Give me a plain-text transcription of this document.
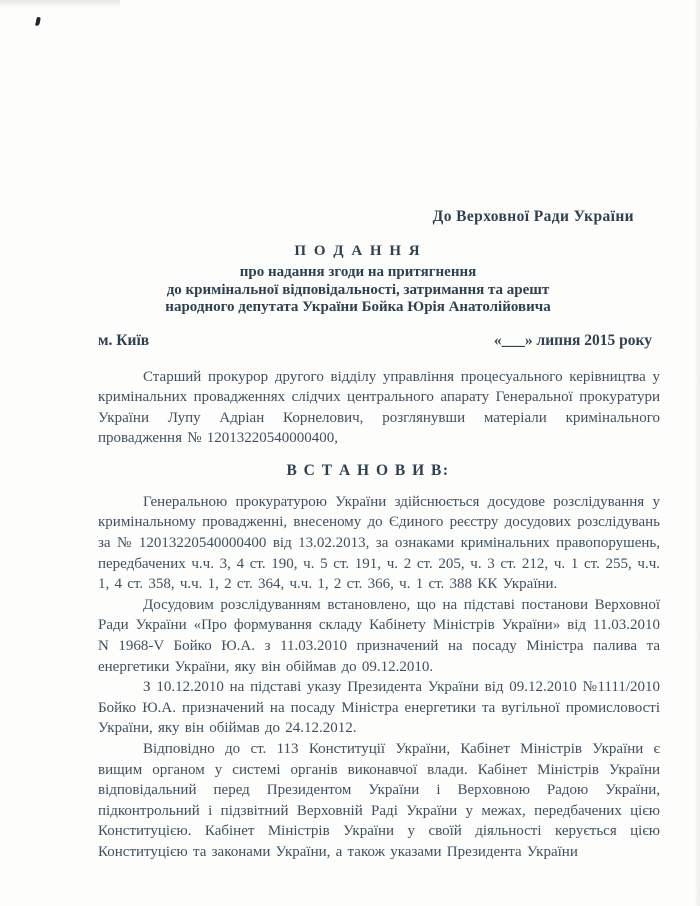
До Верховної Ради України
П О Д А Н Н Я
про надання згоди на притягнення
до кримінальної відповідальності, затримання та арешт
народного депутата України Бойка Юрія Анатолійовича
м. Київ	«___» липня 2015 року

Старший прокурор другого відділу управління процесуального керівництва у кримінальних провадженнях слідчих центрального апарату Генеральної прокуратури України Лупу Адріан Корнелович, розглянувши матеріали кримінального провадження № 12013220540000400,

В С Т А Н О В И В:

Генеральною прокуратурою України здійснюється досудове розслідування у кримінальному провадженні, внесеному до Єдиного реєстру досудових розслідувань за № 12013220540000400 від 13.02.2013, за ознаками кримінальних правопорушень, передбачених ч.ч. 3, 4 ст. 190, ч. 5 ст. 191, ч. 2 ст. 205, ч. 3 ст. 212, ч. 1 ст. 255, ч.ч. 1, 4 ст. 358, ч.ч. 1, 2 ст. 364, ч.ч. 1, 2 ст. 366, ч. 1 ст. 388 КК України.

Досудовим розслідуванням встановлено, що на підставі постанови Верховної Ради України «Про формування складу Кабінету Міністрів України» від 11.03.2010 N 1968-V Бойко Ю.А. з 11.03.2010 призначений на посаду Міністра палива та енергетики України, яку він обіймав до 09.12.2010.

З 10.12.2010 на підставі указу Президента України від 09.12.2010 №1111/2010 Бойко Ю.А. призначений на посаду Міністра енергетики та вугільної промисловості України, яку він обіймав до 24.12.2012.

Відповідно до ст. 113 Конституції України, Кабінет Міністрів України є вищим органом у системі органів виконавчої влади. Кабінет Міністрів України відповідальний перед Президентом України і Верховною Радою України, підконтрольний і підзвітний Верховній Раді України у межах, передбачених цією Конституцією. Кабінет Міністрів України у своїй діяльності керується цією Конституцією та законами України, а також указами Президента України
